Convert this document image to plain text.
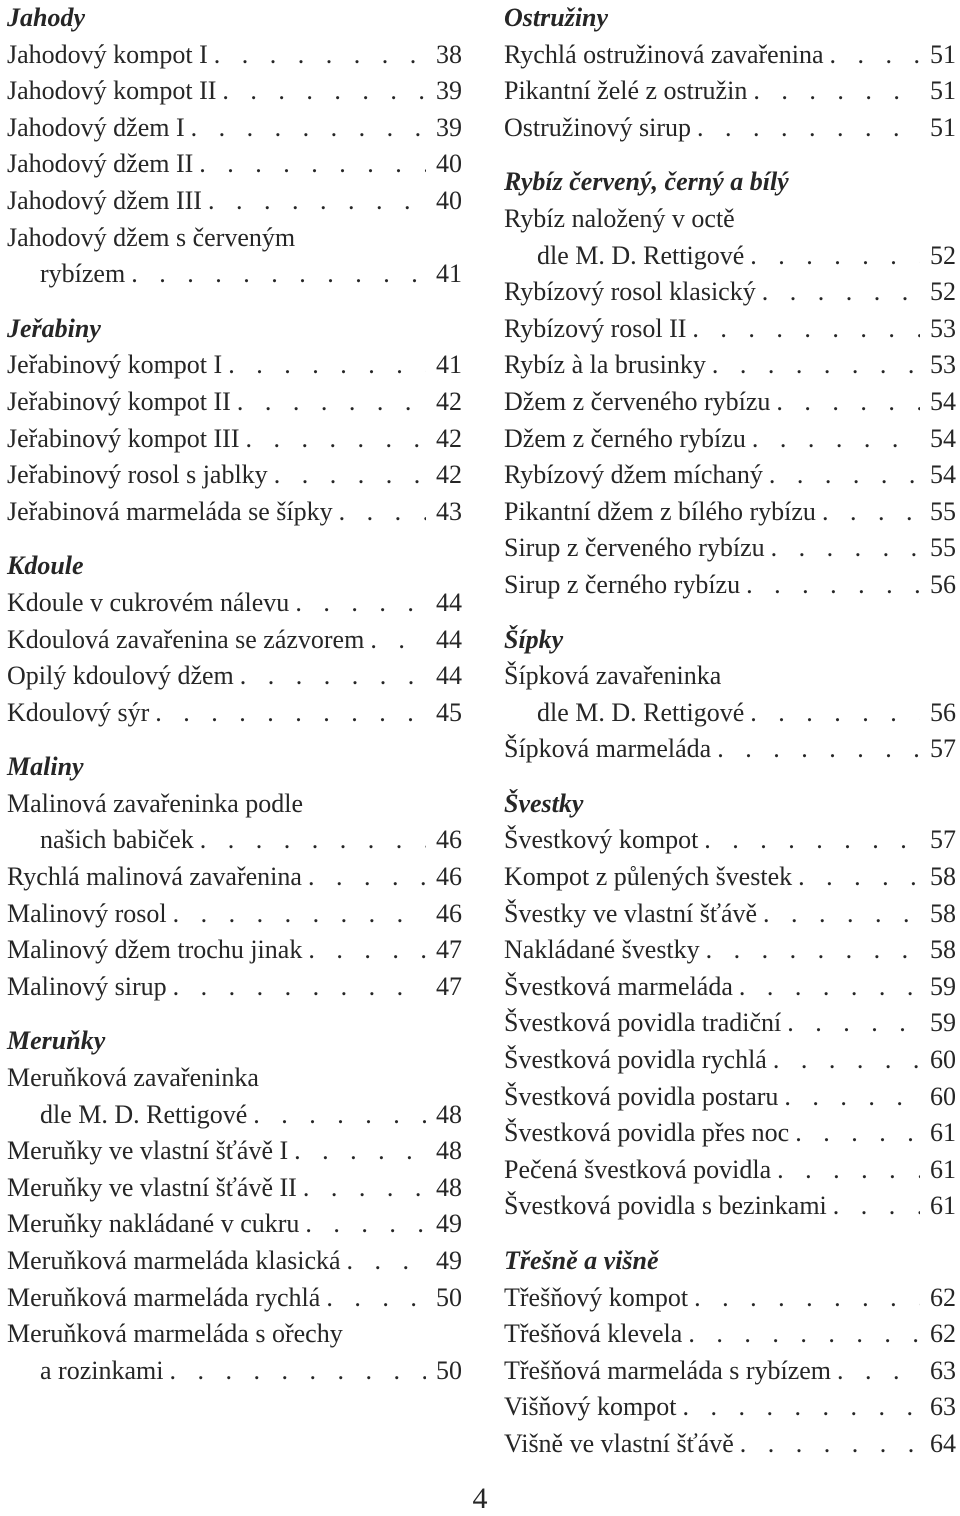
Jahody
Jahodový kompot I . . .	38
Jahodový kompot II . . .	39
Jahodový džem I . . .	39
Jahodový džem II . . .	40
Jahodový džem III . . .	40
Jahodový džem s červeným
rybízem . . .	41
Jeřabiny
Jeřabinový kompot I . . .	41
Jeřabinový kompot II . . .	42
Jeřabinový kompot III . . .	42
Jeřabinový rosol s jablky . . .	42
Jeřabinová marmeláda se šípky . . .	43
Kdoule
Kdoule v cukrovém nálevu . . .	44
Kdoulová zavařenina se zázvorem . . .	44
Opilý kdoulový džem . . .	44
Kdoulový sýr . . .	45
Maliny
Malinová zavařeninka podle
našich babiček . . .	46
Rychlá malinová zavařenina . . .	46
Malinový rosol . . .	46
Malinový džem trochu jinak . . .	47
Malinový sirup . . .	47
Meruňky
Meruňková zavařeninka
dle M. D. Rettigové . . .	48
Meruňky ve vlastní šťávě I . . .	48
Meruňky ve vlastní šťávě II . . .	48
Meruňky nakládané v cukru . . .	49
Meruňková marmeláda klasická . . .	49
Meruňková marmeláda rychlá . . .	50
Meruňková marmeláda s ořechy
a rozinkami . . .	50
Ostružiny
Rychlá ostružinová zavařenina . . .	51
Pikantní želé z ostružin . . .	51
Ostružinový sirup . . .	51
Rybíz červený, černý a bílý
Rybíz naložený v octě
dle M. D. Rettigové . . .	52
Rybízový rosol klasický . . .	52
Rybízový rosol II . . .	53
Rybíz à la brusinky . . .	53
Džem z červeného rybízu . . .	54
Džem z černého rybízu . . .	54
Rybízový džem míchaný . . .	54
Pikantní džem z bílého rybízu . . .	55
Sirup z červeného rybízu . . .	55
Sirup z černého rybízu . . .	56
Šípky
Šípková zavařeninka
dle M. D. Rettigové . . .	56
Šípková marmeláda . . .	57
Švestky
Švestkový kompot . . .	57
Kompot z půlených švestek . . .	58
Švestky ve vlastní šťávě . . .	58
Nakládané švestky . . .	58
Švestková marmeláda . . .	59
Švestková povidla tradiční . . .	59
Švestková povidla rychlá . . .	60
Švestková povidla postaru . . .	60
Švestková povidla přes noc . . .	61
Pečená švestková povidla . . .	61
Švestková povidla s bezinkami . . .	61
Třešně a višně
Třešňový kompot . . .	62
Třešňová klevela . . .	62
Třešňová marmeláda s rybízem . . .	63
Višňový kompot . . .	63
Višně ve vlastní šťávě . . .	64
4
